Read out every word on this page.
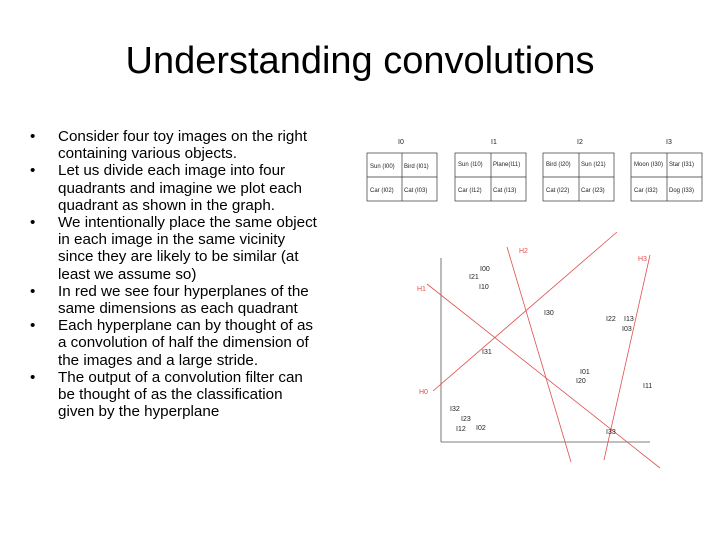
Understanding convolutions
• Consider four toy images on the right
containing various objects.
• Let us divide each image into four
quadrants and imagine we plot each
quadrant as shown in the graph.
• We intentionally place the same object
in each image in the same vicinity
since they are likely to be similar (at
least we assume so)
• In red we see four hyperplanes of the
same dimensions as each quadrant
• Each hyperplane can by thought of as
a convolution of half the dimension of
the images and a large stride.
• The output of a convolution filter can
be thought of as the classification
given by the hyperplane
I0	I1	I2	I3
Sun (I00) Bird (I01)
Car (I02) Cat (I03)
Sun (I10) Plane(I11)
Car (I12) Cat (I13)
Bird (I20) Sun (I21)
Cat (I22) Car (I23)
Moon (I30) Star (I31)
Car (I32) Dog (I33)
H0
H1
H2
H3
I00
I21
I10
I30
I22 I13
I03
I31
I01
I20
I11
I32
I23
I12 I02
I33
